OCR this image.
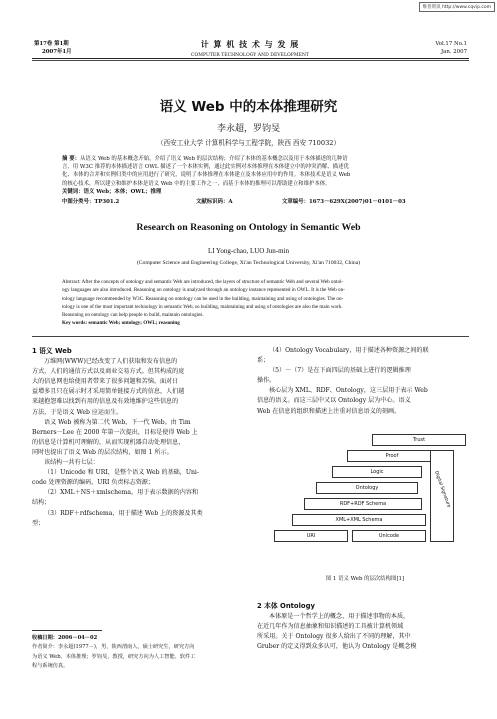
维普资讯 http://www.cqvip.com
第17卷 第1期
2007年1月
计 算 机 技 术 与 发 展
COMPUTER TECHNOLOGY AND DEVELOPMENT
Vol.17 No.1
Jan. 2007
语义 Web 中的本体推理研究
李永超，罗钧旻
（西安工业大学 计算机科学与工程学院，陕西 西安 710032）

摘 要：从语义 Web 的基本概念开始，介绍了语义 Web 的层次结构；介绍了本体的基本概念以及用于本体描述的几种语

言，用 W3C 推荐的本体描述语言 OWL 描述了一个本体实例，通过此实例对本体推理在本体建立中的冲突消解、描述优

化、本体的合并和实例归类中的应用进行了研究，说明了本体推理在本体建立及本体应用中的作用。本体技术是语义 Web

的核心技术，所以建立和维护本体是语义 Web 中的主要工作之一，而基于本体的推理可以帮助建立和维护本体。

关键词：语义 Web；本体；OWL；推理

中图分类号：TP301.2	文献标识码：A	文章编号：1673－629X(2007)01－0101－03
Research on Reasoning on Ontology in Semantic Web
LI Yong-chao, LUO Jun-min
(Computer Science and Engineering College, Xi'an Technological University, Xi'an 710032, China)

Abstract: After the concepts of ontology and semantic Web are introduced, the layers of structure of semantic Web and several Web ontol-

ogy languages are also introduced. Reasoning on ontology is analyzed through an ontology instance represented in OWL. It is the Web on-

tology language recommended by W3C. Reasoning on ontology can be used in the building, maintaining and using of ontologies. The on-

tology is one of the most important technology in semantic Web, so building, maintaining and using of ontologies are also the main work.

Reasoning on ontology can help people to build, maintain ontologies.

Key words: semantic Web; ontology; OWL; reasoning

1 语义 Web

万维网(WWW)已经改变了人们获取和发布信息的

方式，人们的通信方式以及商业交易方式。但其构成的庞

大的信息网也给使用者带来了很多问题和苦恼。面对日

益增多且只在展示时才采用简单链接方式的信息，人们越

来越抱怨难以找到有用的信息及有效地维护这些信息的

方法，于是语义 Web 应运而生。

语义 Web 被称为第二代 Web、下一代 Web。由 Tim

Berners－Lee 在 2000 年第一次提出，目标是使得 Web 上

的信息是计算机可理解的，从而实现机器自动处理信息，

同时也提出了语义 Web 的层次结构，如图 1 所示。

该结构一共有七层：

（1）Unicode 和 URI，是整个语义 Web 的基础，Uni-

code 处理资源的编码，URI 负责标志资源；

（2）XML＋NS＋xmlschema，用于表示数据的内容和

结构；

（3）RDF＋rdfschema，用于描述 Web 上的资源及其类

型；

收稿日期：2006－04－02

作者简介：李永超(1977－)，男，陕西渭南人，硕士研究生，研究方向

为语义 Web、本体推理；罗钧旻，教授，研究方向为人工智能、软件工

程与系统仿真。

（4）Ontology Vocabulary，用于描述各种资源之间的联

系；

（5）－（7）是在下面四层的基础上进行的逻辑推理

操作。

核心层为 XML、RDF、Ontology，这三层用于表示 Web

信息的语义。而这三层中又以 Ontology 层为中心。语义

Web 在信息的组织和描述上注重对信息语义的刻画。

Trust
Proof
Logic
Ontology
RDF+RDF Schema
XML+XML Schema
URI	Unicode
Digital Signature
图 1 语义 Web 的层次结构图[1]

2 本体 Ontology

本体原是一个哲学上的概念，用于描述事物的本质，

在近几年作为信息抽象和知识描述的工具被计算机领域

所采用。关于 Ontology 很多人给出了不同的理解，其中

Gruber 的定义得到众多认可，他认为 Ontology 是概念模
